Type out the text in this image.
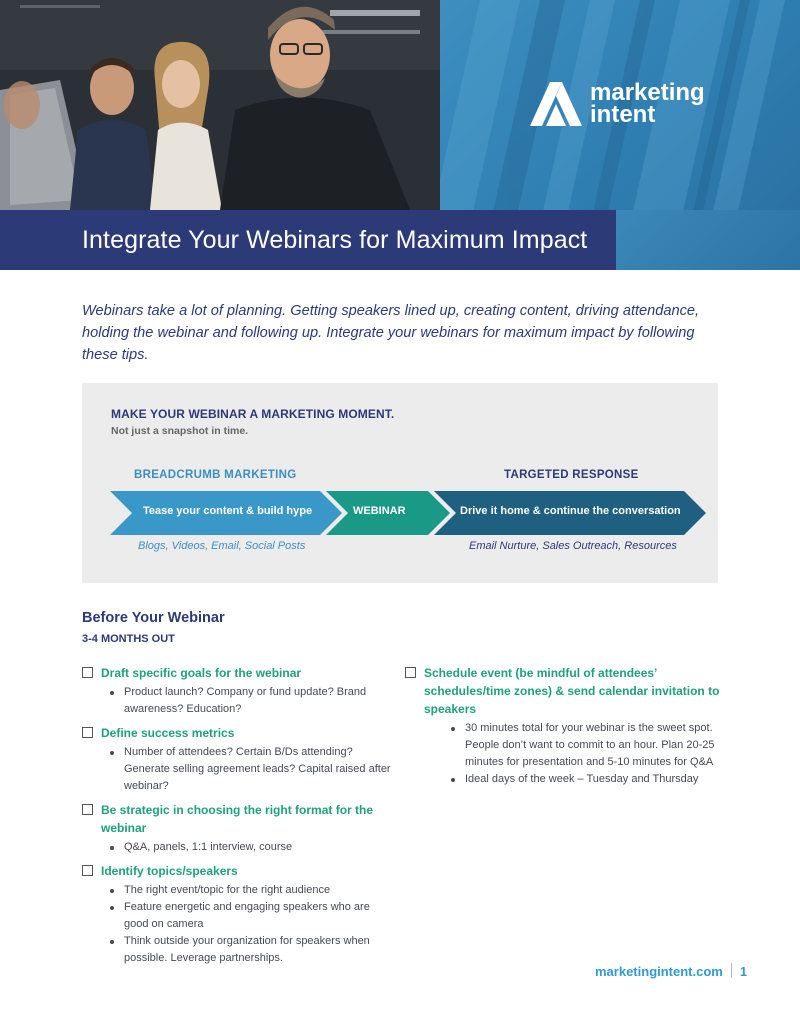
Integrate Your Webinars for Maximum Impact
marketing
intent

Webinars take a lot of planning. Getting speakers lined up, creating content, driving attendance, holding the webinar and following up. Integrate your webinars for maximum impact by following these tips.

MAKE YOUR WEBINAR A MARKETING MOMENT.
Not just a snapshot in time.
BREADCRUMB MARKETING	TARGETED RESPONSE
Tease your content & build hype	WEBINAR	Drive it home & continue the conversation
Blogs, Videos, Email, Social Posts	Email Nurture, Sales Outreach, Resources
Before Your Webinar
3-4 MONTHS OUT
Draft specific goals for the webinar
Product launch? Company or fund update? Brand awareness? Education?
Define success metrics
Number of attendees? Certain B/Ds attending? Generate selling agreement leads? Capital raised after webinar?
Be strategic in choosing the right format for the webinar
Q&A, panels, 1:1 interview, course
Identify topics/speakers
The right event/topic for the right audience
Feature energetic and engaging speakers who are good on camera
Think outside your organization for speakers when possible. Leverage partnerships.
Schedule event (be mindful of attendees’ schedules/time zones) & send calendar invitation to speakers
30 minutes total for your webinar is the sweet spot. People don’t want to commit to an hour. Plan 20-25 minutes for presentation and 5-10 minutes for Q&A
Ideal days of the week – Tuesday and Thursday
marketingintent.com 1
